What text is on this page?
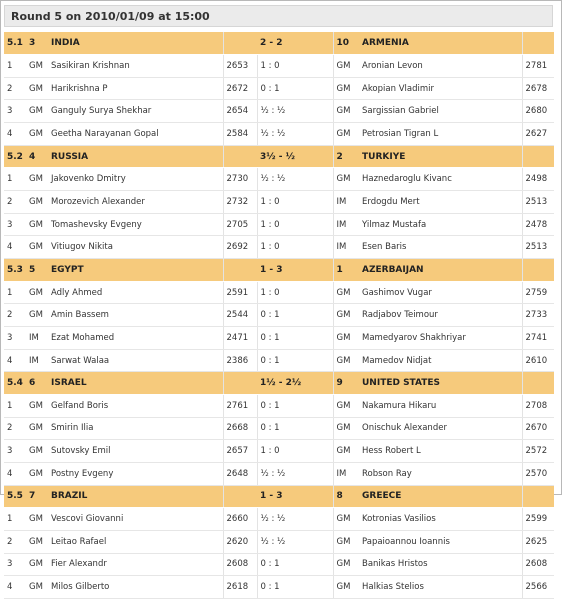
Round 5 on 2010/01/09 at 15:00
5.1	3	INDIA		2 - 2	10	ARMENIA	
1	GM	Sasikiran Krishnan	2653	1 : 0	GM	Aronian Levon	2781
2	GM	Harikrishna P	2672	0 : 1	GM	Akopian Vladimir	2678
3	GM	Ganguly Surya Shekhar	2654	½ : ½	GM	Sargissian Gabriel	2680
4	GM	Geetha Narayanan Gopal	2584	½ : ½	GM	Petrosian Tigran L	2627
5.2	4	RUSSIA		3½ - ½	2	TURKIYE	
1	GM	Jakovenko Dmitry	2730	½ : ½	GM	Haznedaroglu Kivanc	2498
2	GM	Morozevich Alexander	2732	1 : 0	IM	Erdogdu Mert	2513
3	GM	Tomashevsky Evgeny	2705	1 : 0	IM	Yilmaz Mustafa	2478
4	GM	Vitiugov Nikita	2692	1 : 0	IM	Esen Baris	2513
5.3	5	EGYPT		1 - 3	1	AZERBAIJAN	
1	GM	Adly Ahmed	2591	1 : 0	GM	Gashimov Vugar	2759
2	GM	Amin Bassem	2544	0 : 1	GM	Radjabov Teimour	2733
3	IM	Ezat Mohamed	2471	0 : 1	GM	Mamedyarov Shakhriyar	2741
4	IM	Sarwat Walaa	2386	0 : 1	GM	Mamedov Nidjat	2610
5.4	6	ISRAEL		1½ - 2½	9	UNITED STATES	
1	GM	Gelfand Boris	2761	0 : 1	GM	Nakamura Hikaru	2708
2	GM	Smirin Ilia	2668	0 : 1	GM	Onischuk Alexander	2670
3	GM	Sutovsky Emil	2657	1 : 0	GM	Hess Robert L	2572
4	GM	Postny Evgeny	2648	½ : ½	IM	Robson Ray	2570
5.5	7	BRAZIL		1 - 3	8	GREECE	
1	GM	Vescovi Giovanni	2660	½ : ½	GM	Kotronias Vasilios	2599
2	GM	Leitao Rafael	2620	½ : ½	GM	Papaioannou Ioannis	2625
3	GM	Fier Alexandr	2608	0 : 1	GM	Banikas Hristos	2608
4	GM	Milos Gilberto	2618	0 : 1	GM	Halkias Stelios	2566
